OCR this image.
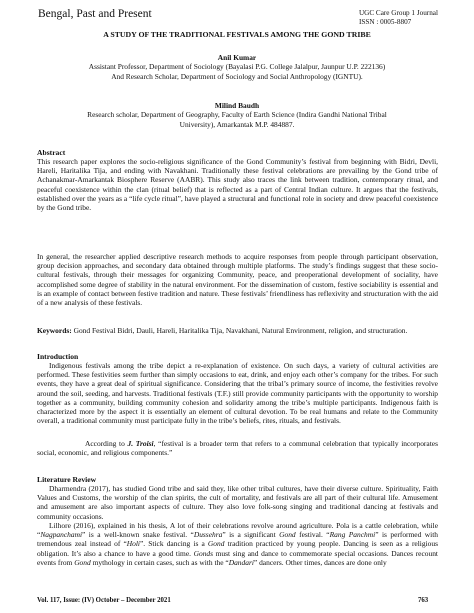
Bengal, Past and Present	UGC Care Group 1 Journal
ISSN : 0005-8807
A STUDY OF THE TRADITIONAL FESTIVALS AMONG THE GOND TRIBE
Anil Kumar
Assistant Professor, Department of Sociology (Bayalasi P.G. College Jalalpur, Jaunpur U.P. 222136)
And Research Scholar, Department of Sociology and Social Anthropology (IGNTU).
Milind Baudh
Research scholar, Department of Geography, Faculty of Earth Science (Indira Gandhi National Tribal
University), Amarkantak M.P. 484887.
Abstract

This research paper explores the socio-religious significance of the Gond Community’s festival from beginning with Bidri, Devli, Hareli, Haritalika Tija, and ending with Navakhani. Traditionally these festival celebrations are prevailing by the Gond tribe of Achanakmar-Amarkantak Biosphere Reserve (AABR). This study also traces the link between tradition, contemporary ritual, and peaceful coexistence within the clan (ritual belief) that is reflected as a part of Central Indian culture. It argues that the festivals, established over the years as a “life cycle ritual”, have played a structural and functional role in society and drew peaceful coexistence by the Gond tribe.

In general, the researcher applied descriptive research methods to acquire responses from people through participant observation, group decision approaches, and secondary data obtained through multiple platforms. The study’s findings suggest that these socio-cultural festivals, through their messages for organizing Community, peace, and preoperational development of sociality, have accomplished some degree of stability in the natural environment. For the dissemination of custom, festive sociability is essential and is an example of contact between festive tradition and nature. These festivals’ friendliness has reflexivity and structuration with the aid of a new analysis of these festivals.

Keywords: Gond Festival Bidri, Dauli, Hareli, Haritalika Tija, Navakhani, Natural Environment, religion, and structuration.

Introduction

Indigenous festivals among the tribe depict a re-explanation of existence. On such days, a variety of cultural activities are performed. These festivities seem further than simply occasions to eat, drink, and enjoy each other’s company for the tribes. For such events, they have a great deal of spiritual significance. Considering that the tribal’s primary source of income, the festivities revolve around the soil, seeding, and harvests. Traditional festivals (T.F.) still provide community participants with the opportunity to worship together as a community, building community cohesion and solidarity among the tribe’s multiple participants. Indigenous faith is characterized more by the aspect it is essentially an element of cultural devotion. To be real humans and relate to the Community overall, a traditional community must participate fully in the tribe’s beliefs, rites, rituals, and festivals.

According to J. Troisi, “festival is a broader term that refers to a communal celebration that typically incorporates social, economic, and religious components.”

Literature Review

Dharmendra (2017), has studied Gond tribe and said they, like other tribal cultures, have their diverse culture. Spirituality, Faith Values and Customs, the worship of the clan spirits, the cult of mortality, and festivals are all part of their cultural life. Amusement and amusement are also important aspects of culture. They also love folk-song singing and traditional dancing at festivals and community occasions.

Lilhore (2016), explained in his thesis, A lot of their celebrations revolve around agriculture. Pola is a cattle celebration, while “Nagpanchami” is a well-known snake festival. “Dussehra” is a significant Gond festival. “Rang Panchmi” is performed with tremendous zeal instead of “Holi”. Stick dancing is a Gond tradition practiced by young people. Dancing is seen as a religious obligation. It’s also a chance to have a good time. Gonds must sing and dance to commemorate special occasions. Dances recount events from Gond mythology in certain cases, such as with the “Dandari” dancers. Other times, dances are done only

Vol. 117, Issue: (IV) October – December 2021	763
